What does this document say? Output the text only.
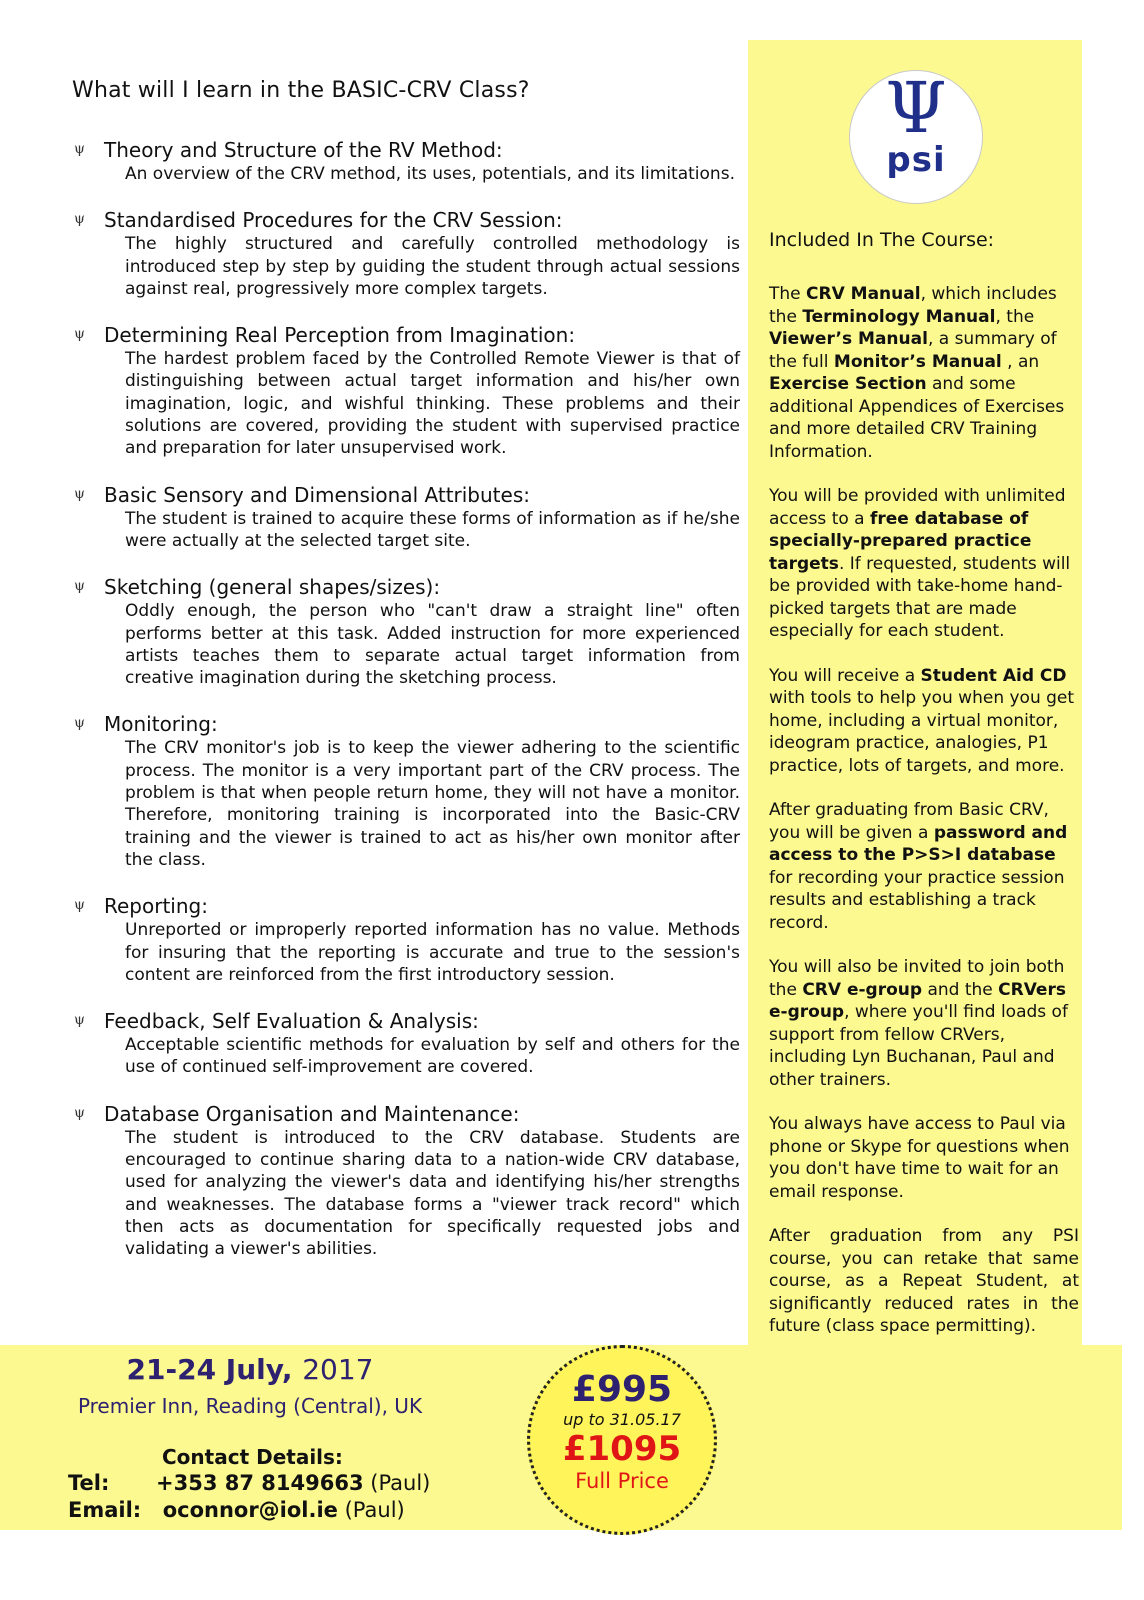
Ψ
psi
Included In The Course:

The CRV Manual, which includes the Terminology Manual, the Viewer’s Manual, a summary of the full Monitor’s Manual , an Exercise Section and some additional Appendices of Exercises and more detailed CRV Training Information.

You will be provided with unlimited access to a free database of specially-prepared practice targets. If requested, students will be provided with take-home hand-picked targets that are made especially for each student.

You will receive a Student Aid CD with tools to help you when you get home, including a virtual monitor, ideogram practice, analogies, P1 practice, lots of targets, and more.

After graduating from Basic CRV, you will be given a password and access to the P>S>I database for recording your practice session results and establishing a track record.

You will also be invited to join both the CRV e-group and the CRVers e-group, where you'll find loads of support from fellow CRVers, including Lyn Buchanan, Paul and other trainers.

You always have access to Paul via phone or Skype for questions when you don't have time to wait for an email response.

After graduation from any PSI course, you can retake that same course, as a Repeat Student, at significantly reduced rates in the future (class space permitting).

What will I learn in the BASIC-CRV Class?
ψ Theory and Structure of the RV Method:

An overview of the CRV method, its uses, potentials, and its limitations.

ψ Standardised Procedures for the CRV Session:

The highly structured and carefully controlled methodology is introduced step by step by guiding the student through actual sessions against real, progressively more complex targets.

ψ Determining Real Perception from Imagination:

The hardest problem faced by the Controlled Remote Viewer is that of distinguishing between actual target information and his/her own imagination, logic, and wishful thinking. These problems and their solutions are covered, providing the student with supervised practice and preparation for later unsupervised work.

ψ Basic Sensory and Dimensional Attributes:

The student is trained to acquire these forms of information as if he/she were actually at the selected target site.

ψ Sketching (general shapes/sizes):

Oddly enough, the person who "can't draw a straight line" often performs better at this task. Added instruction for more experienced artists teaches them to separate actual target information from creative imagination during the sketching process.

ψ Monitoring:

The CRV monitor's job is to keep the viewer adhering to the scientific process. The monitor is a very important part of the CRV process. The problem is that when people return home, they will not have a monitor. Therefore, monitoring training is incorporated into the Basic-CRV training and the viewer is trained to act as his/her own monitor after the class.

ψ Reporting:

Unreported or improperly reported information has no value. Methods for insuring that the reporting is accurate and true to the session's content are reinforced from the first introductory session.

ψ Feedback, Self Evaluation & Analysis:

Acceptable scientific methods for evaluation by self and others for the use of continued self-improvement are covered.

ψ Database Organisation and Maintenance:

The student is introduced to the CRV database. Students are encouraged to continue sharing data to a nation-wide CRV database, used for analyzing the viewer's data and identifying his/her strengths and weaknesses. The database forms a "viewer track record" which then acts as documentation for specifically requested jobs and validating a viewer's abilities.

21-24 July, 2017
Premier Inn, Reading (Central), UK
Contact Details:
Tel: +353 87 8149663 (Paul)
Email: oconnor@iol.ie (Paul)
£995
up to 31.05.17
£1095
Full Price
